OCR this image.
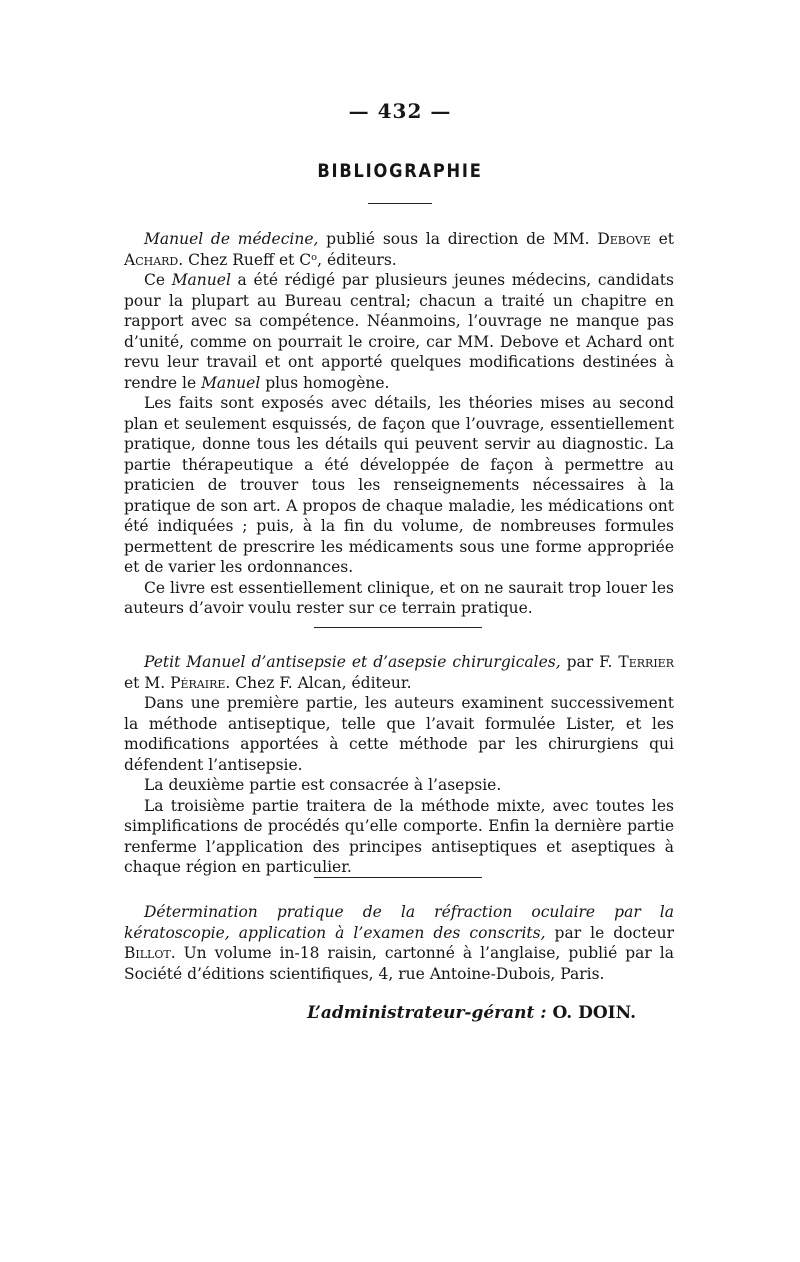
— 432 —
BIBLIOGRAPHIE

Manuel de médecine, publié sous la direction de MM. Debove et Achard. Chez Rueff et Cᵒ, éditeurs.

Ce Manuel a été rédigé par plusieurs jeunes médecins, candidats pour la plupart au Bureau central; chacun a traité un chapitre en rapport avec sa compétence. Néanmoins, l’ouvrage ne manque pas d’unité, comme on pourrait le croire, car MM. Debove et Achard ont revu leur travail et ont apporté quelques modifications destinées à rendre le Manuel plus homogène.

Les faits sont exposés avec détails, les théories mises au second plan et seulement esquissés, de façon que l’ouvrage, essentiellement pratique, donne tous les détails qui peuvent servir au diagnostic. La partie thérapeutique a été développée de façon à permettre au praticien de trouver tous les renseignements nécessaires à la pratique de son art. A propos de chaque maladie, les médications ont été indiquées ; puis, à la fin du volume, de nombreuses formules permettent de prescrire les médicaments sous une forme appropriée et de varier les ordonnances.

Ce livre est essentiellement clinique, et on ne saurait trop louer les auteurs d’avoir voulu rester sur ce terrain pratique.

Petit Manuel d’antisepsie et d’asepsie chirurgicales, par F. Terrier et M. Péraire. Chez F. Alcan, éditeur.

Dans une première partie, les auteurs examinent successivement la méthode antiseptique, telle que l’avait formulée Lister, et les modifications apportées à cette méthode par les chirurgiens qui défendent l’antisepsie.

La deuxième partie est consacrée à l’asepsie.

La troisième partie traitera de la méthode mixte, avec toutes les simplifications de procédés qu’elle comporte. Enfin la dernière partie renferme l’application des principes antiseptiques et aseptiques à chaque région en particulier.

Détermination pratique de la réfraction oculaire par la kératoscopie, application à l’examen des conscrits, par le docteur Billot. Un volume in-18 raisin, cartonné à l’anglaise, publié par la Société d’éditions scientifiques, 4, rue Antoine-Dubois, Paris.

L’administrateur-gérant : O. DOIN.
